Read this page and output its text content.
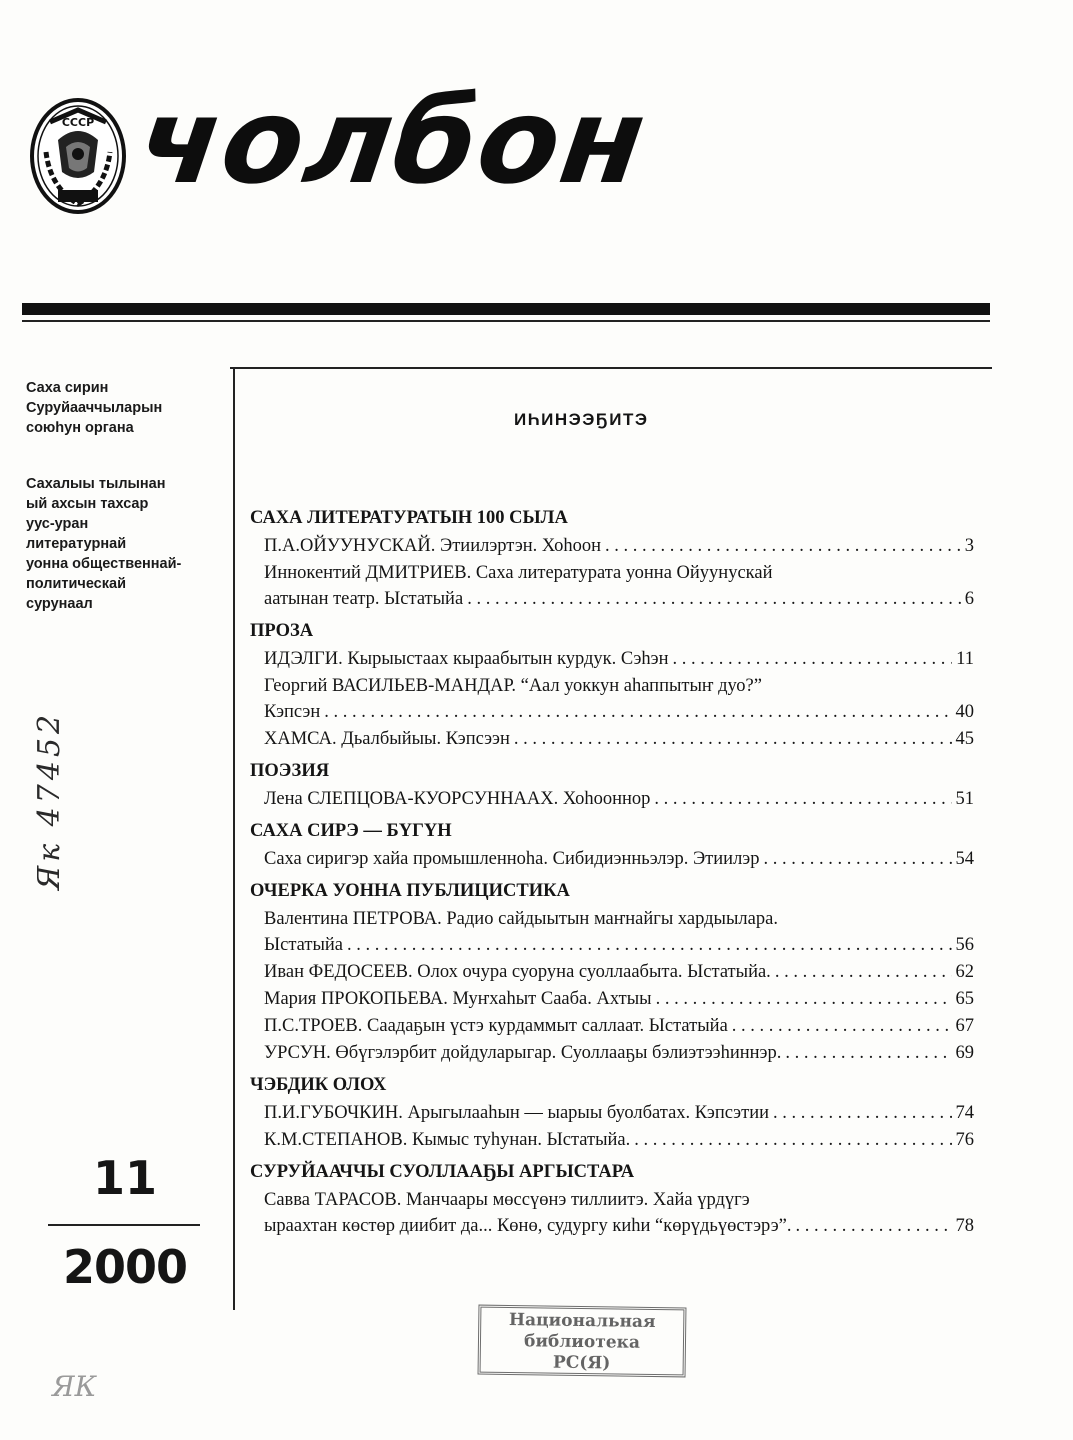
СССР чолбон

Саха сирин
Суруйааччыларын
союһун органа

Сахалыы тылынан
ый ахсын тахсар
уус-уран
литературнай
уонна общественнай-
политическай
сурунаал

Як 47452
11
2000
ЯК
ИҺИНЭЭҔИТЭ
САХА ЛИТЕРАТУРАТЫН 100 СЫЛА
П.А.ОЙУУНУСКАЙ. Этиилэртэн. Хоһоон . . .	3
Иннокентий ДМИТРИЕВ. Саха литературата уонна Ойуунускай
аатынан театр. Ыстатыйа . . .	6
ПРОЗА
ИДЭЛГИ. Кырыыстаах кыраабытын курдук. Сэһэн . . .	11
Георгий ВАСИЛЬЕВ-МАНДАР. “Аал уоккун аһаппытыҥ дуо?”
Кэпсэн . . .	40
ХАМСА. Дьалбыйыы. Кэпсээн . . .	45
ПОЭЗИЯ
Лена СЛЕПЦОВА-КУОРСУННААХ. Хоһооннор . . .	51
САХА СИРЭ — БҮГҮН
Саха сиригэр хайа промышленноһа. Сибидиэнньэлэр. Этиилэр . . .	54
ОЧЕРКА УОННА ПУБЛИЦИСТИКА
Валентина ПЕТРОВА. Радио сайдыытын маҥнайгы хардыылара.
Ыстатыйа . . .	56
Иван ФЕДОСЕЕВ. Олох очура суоруна суоллаабыта. Ыстатыйа. . . .	62
Мария ПРОКОПЬЕВА. Муҥхаһыт Сааба. Ахтыы . . .	65
П.С.ТРОЕВ. Саадаҕын үстэ курдаммыт саллаат. Ыстатыйа . . .	67
УРСУН. Өбүгэлэрбит дойдуларыгар. Суоллааҕы бэлиэтээһиннэр. . . .	69
ЧЭБДИК ОЛОХ
П.И.ГУБОЧКИН. Арыгылааһын — ыарыы буолбатах. Кэпсэтии . . .	74
К.М.СТЕПАНОВ. Кымыс туһунан. Ыстатыйа. . . .	76
СУРУЙААЧЧЫ СУОЛЛААҔЫ АРГЫСТАРА
Савва ТАРАСОВ. Манчаары мөссүөнэ тиллиитэ. Хайа үрдүгэ
ыраахтан көстөр диибит да... Көнө, судургу киһи “көрүдьүөстэрэ”. . . .	78
Национальная
библиотека
РС(Я)
